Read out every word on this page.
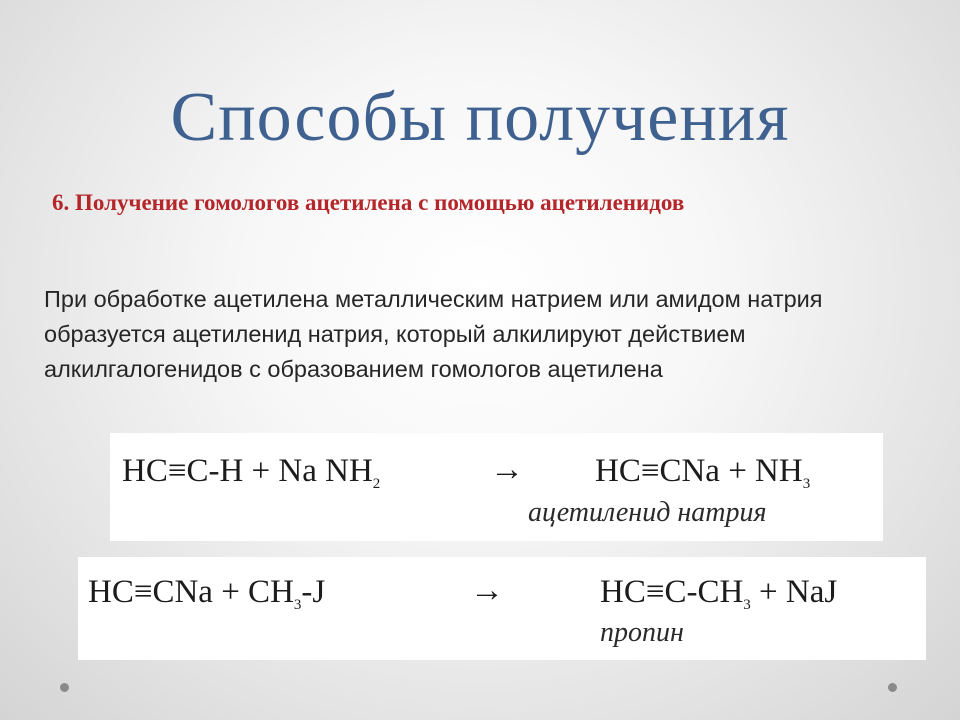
Способы получения
6. Получение гомологов ацетилена с помощью ацетиленидов
При обработке ацетилена металлическим натрием или амидом натрия образуется ацетиленид натрия, который алкилируют действием алкилгалогенидов с образованием гомологов ацетилена
HC≡C-H + Na $NH_2$	→ $HC\equiv CNa + NH_3$
ацетиленид натрия
$HC\equiv CNa + CH_3-J$	→	$HC\equiv C-CH_3$ + NaJ
пропин
